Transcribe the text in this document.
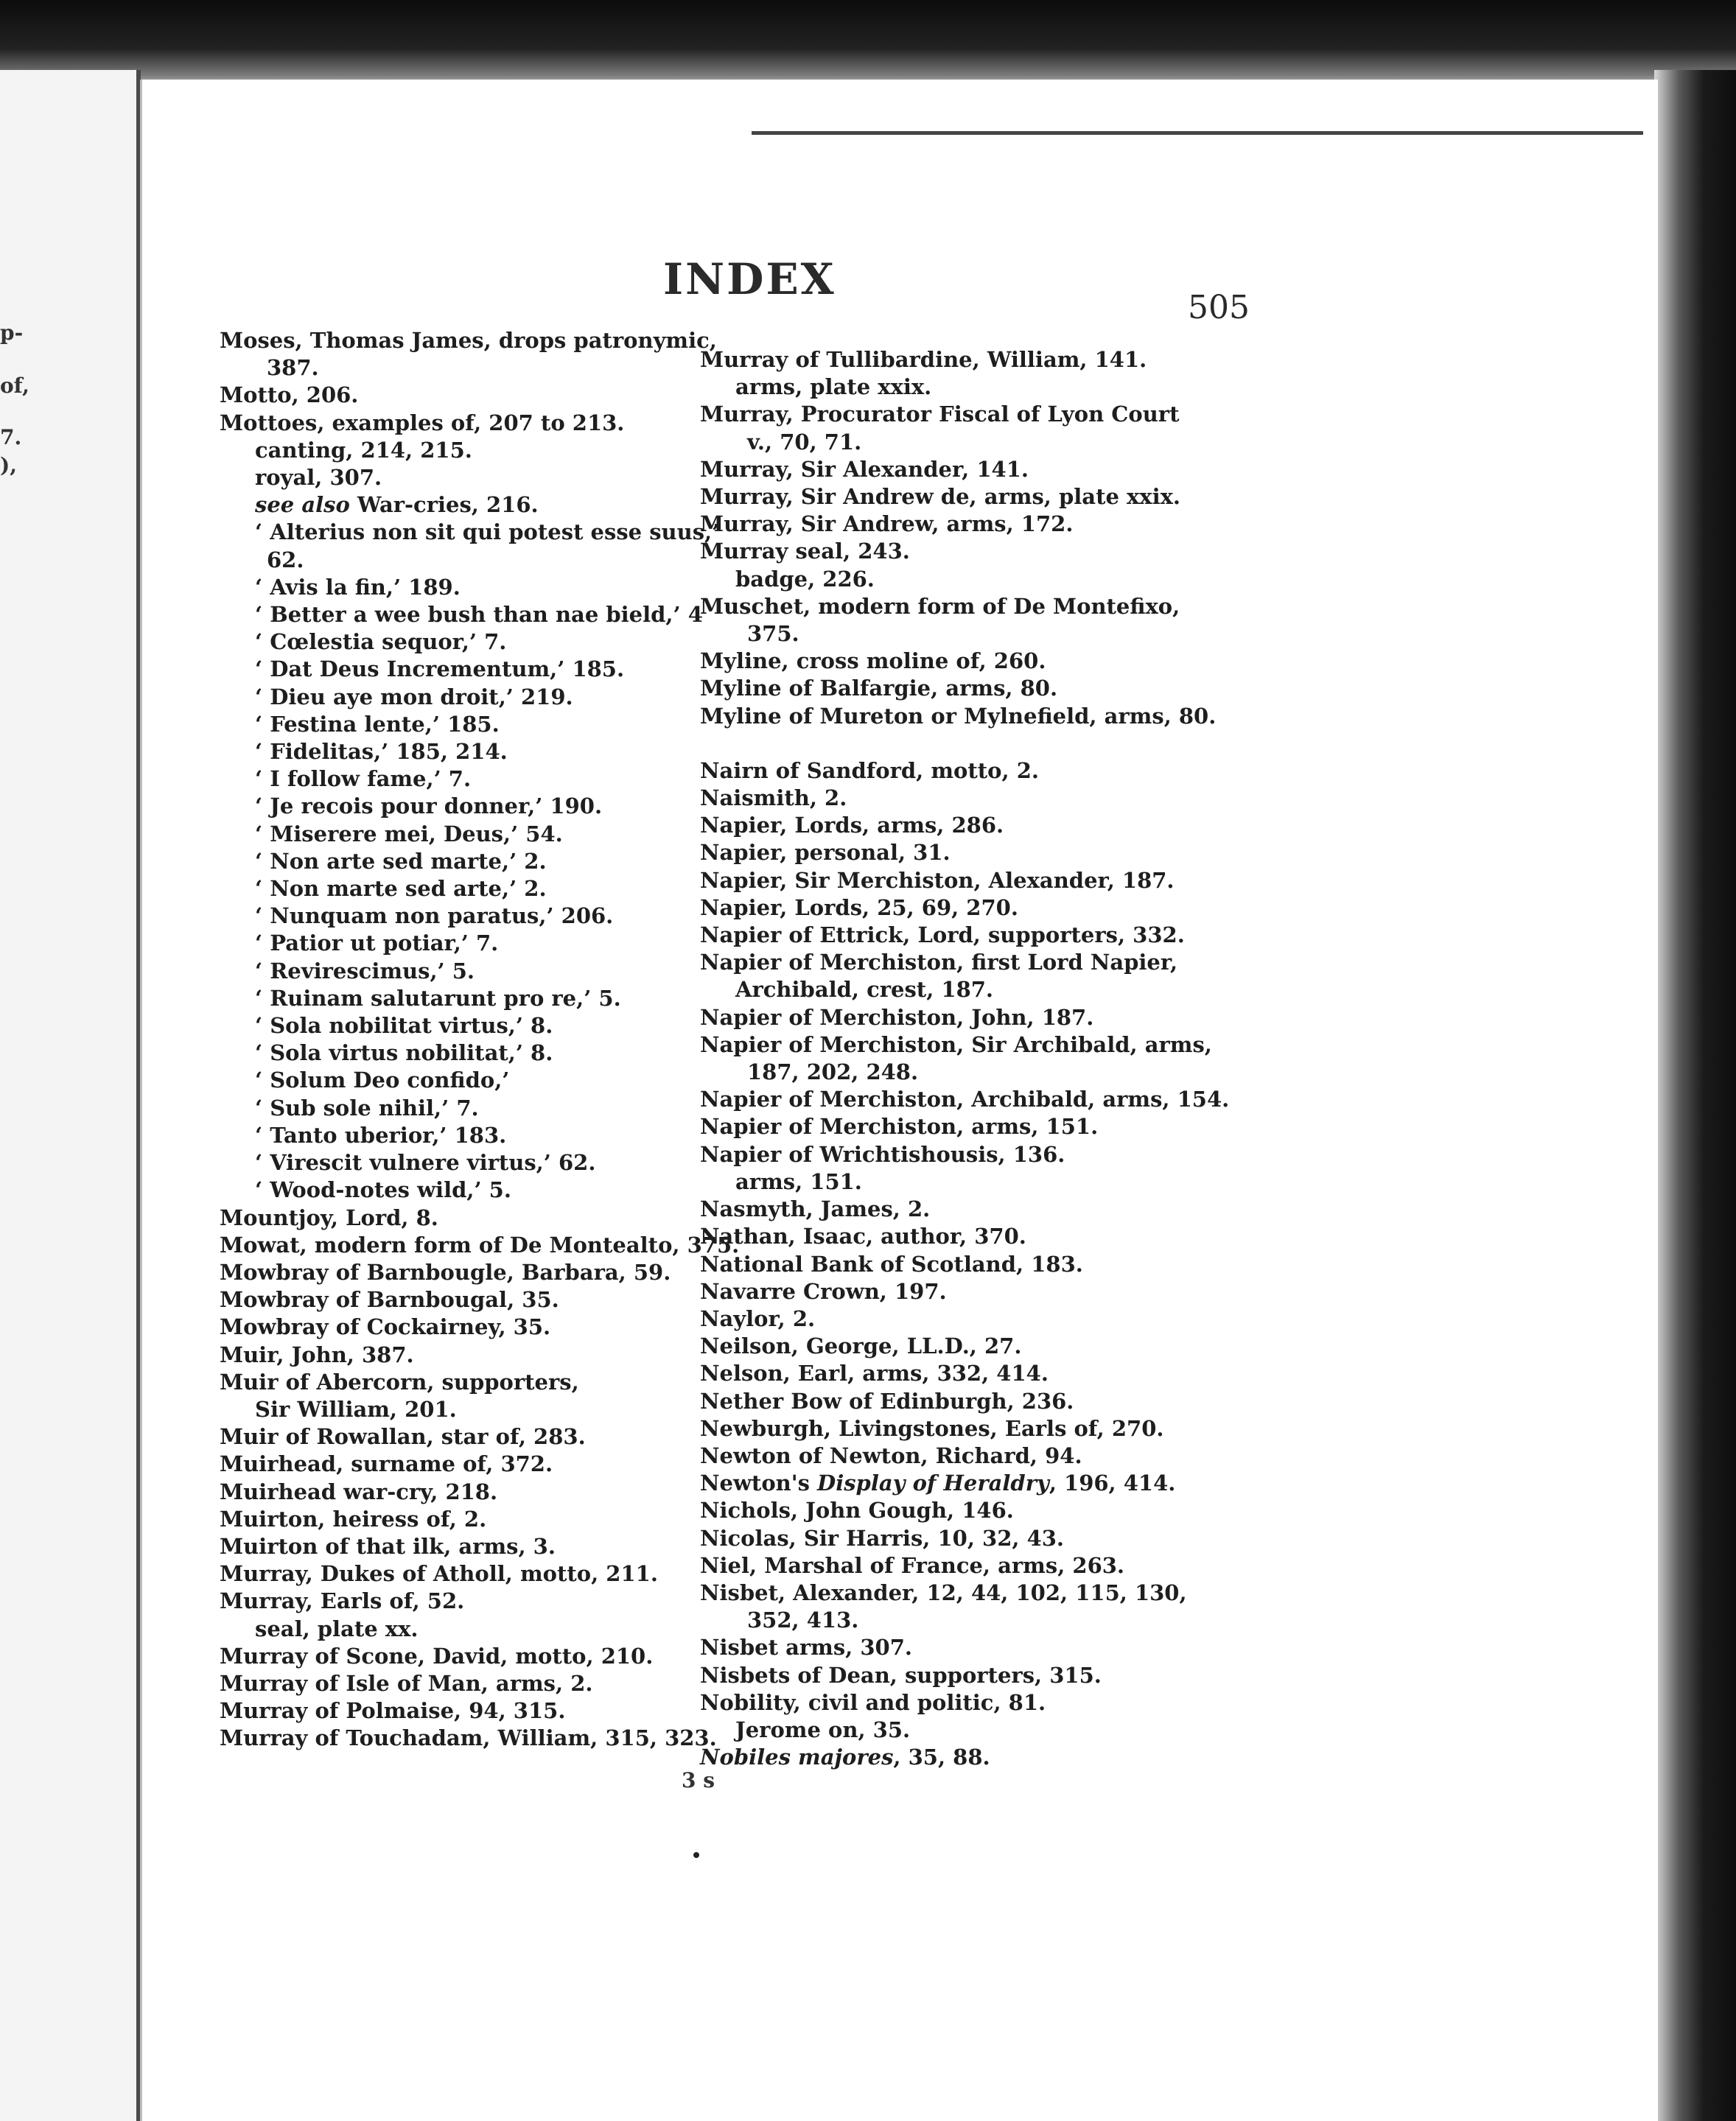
p-
of,
7.
),
INDEX
505
Moses, Thomas James, drops patronymic,
387.
Motto, 206.
Mottoes, examples of, 207 to 213.
canting, 214, 215.
royal, 307.
see also War-cries, 216.
‘ Alterius non sit qui potest esse suus,’
62.
‘ Avis la fin,’ 189.
‘ Better a wee bush than nae bield,’ 4
‘ Cœlestia sequor,’ 7.
‘ Dat Deus Incrementum,’ 185.
‘ Dieu aye mon droit,’ 219.
‘ Festina lente,’ 185.
‘ Fidelitas,’ 185, 214.
‘ I follow fame,’ 7.
‘ Je recois pour donner,’ 190.
‘ Miserere mei, Deus,’ 54.
‘ Non arte sed marte,’ 2.
‘ Non marte sed arte,’ 2.
‘ Nunquam non paratus,’ 206.
‘ Patior ut potiar,’ 7.
‘ Revirescimus,’ 5.
‘ Ruinam salutarunt pro re,’ 5.
‘ Sola nobilitat virtus,’ 8.
‘ Sola virtus nobilitat,’ 8.
‘ Solum Deo confido,’
‘ Sub sole nihil,’ 7.
‘ Tanto uberior,’ 183.
‘ Virescit vulnere virtus,’ 62.
‘ Wood-notes wild,’ 5.
Mountjoy, Lord, 8.
Mowat, modern form of De Montealto, 375.
Mowbray of Barnbougle, Barbara, 59.
Mowbray of Barnbougal, 35.
Mowbray of Cockairney, 35.
Muir, John, 387.
Muir of Abercorn, supporters,
Sir William, 201.
Muir of Rowallan, star of, 283.
Muirhead, surname of, 372.
Muirhead war-cry, 218.
Muirton, heiress of, 2.
Muirton of that ilk, arms, 3.
Murray, Dukes of Atholl, motto, 211.
Murray, Earls of, 52.
seal, plate xx.
Murray of Scone, David, motto, 210.
Murray of Isle of Man, arms, 2.
Murray of Polmaise, 94, 315.
Murray of Touchadam, William, 315, 323.
Murray of Tullibardine, William, 141.
arms, plate xxix.
Murray, Procurator Fiscal of Lyon Court
v., 70, 71.
Murray, Sir Alexander, 141.
Murray, Sir Andrew de, arms, plate xxix.
Murray, Sir Andrew, arms, 172.
Murray seal, 243.
badge, 226.
Muschet, modern form of De Montefixo,
375.
Myline, cross moline of, 260.
Myline of Balfargie, arms, 80.
Myline of Mureton or Mylnefield, arms, 80.
Nairn of Sandford, motto, 2.
Naismith, 2.
Napier, Lords, arms, 286.
Napier, personal, 31.
Napier, Sir Merchiston, Alexander, 187.
Napier, Lords, 25, 69, 270.
Napier of Ettrick, Lord, supporters, 332.
Napier of Merchiston, first Lord Napier,
Archibald, crest, 187.
Napier of Merchiston, John, 187.
Napier of Merchiston, Sir Archibald, arms,
187, 202, 248.
Napier of Merchiston, Archibald, arms, 154.
Napier of Merchiston, arms, 151.
Napier of Wrichtishousis, 136.
arms, 151.
Nasmyth, James, 2.
Nathan, Isaac, author, 370.
National Bank of Scotland, 183.
Navarre Crown, 197.
Naylor, 2.
Neilson, George, LL.D., 27.
Nelson, Earl, arms, 332, 414.
Nether Bow of Edinburgh, 236.
Newburgh, Livingstones, Earls of, 270.
Newton of Newton, Richard, 94.
Newton's Display of Heraldry, 196, 414.
Nichols, John Gough, 146.
Nicolas, Sir Harris, 10, 32, 43.
Niel, Marshal of France, arms, 263.
Nisbet, Alexander, 12, 44, 102, 115, 130,
352, 413.
Nisbet arms, 307.
Nisbets of Dean, supporters, 315.
Nobility, civil and politic, 81.
Jerome on, 35.
Nobiles majores, 35, 88.
3 s
